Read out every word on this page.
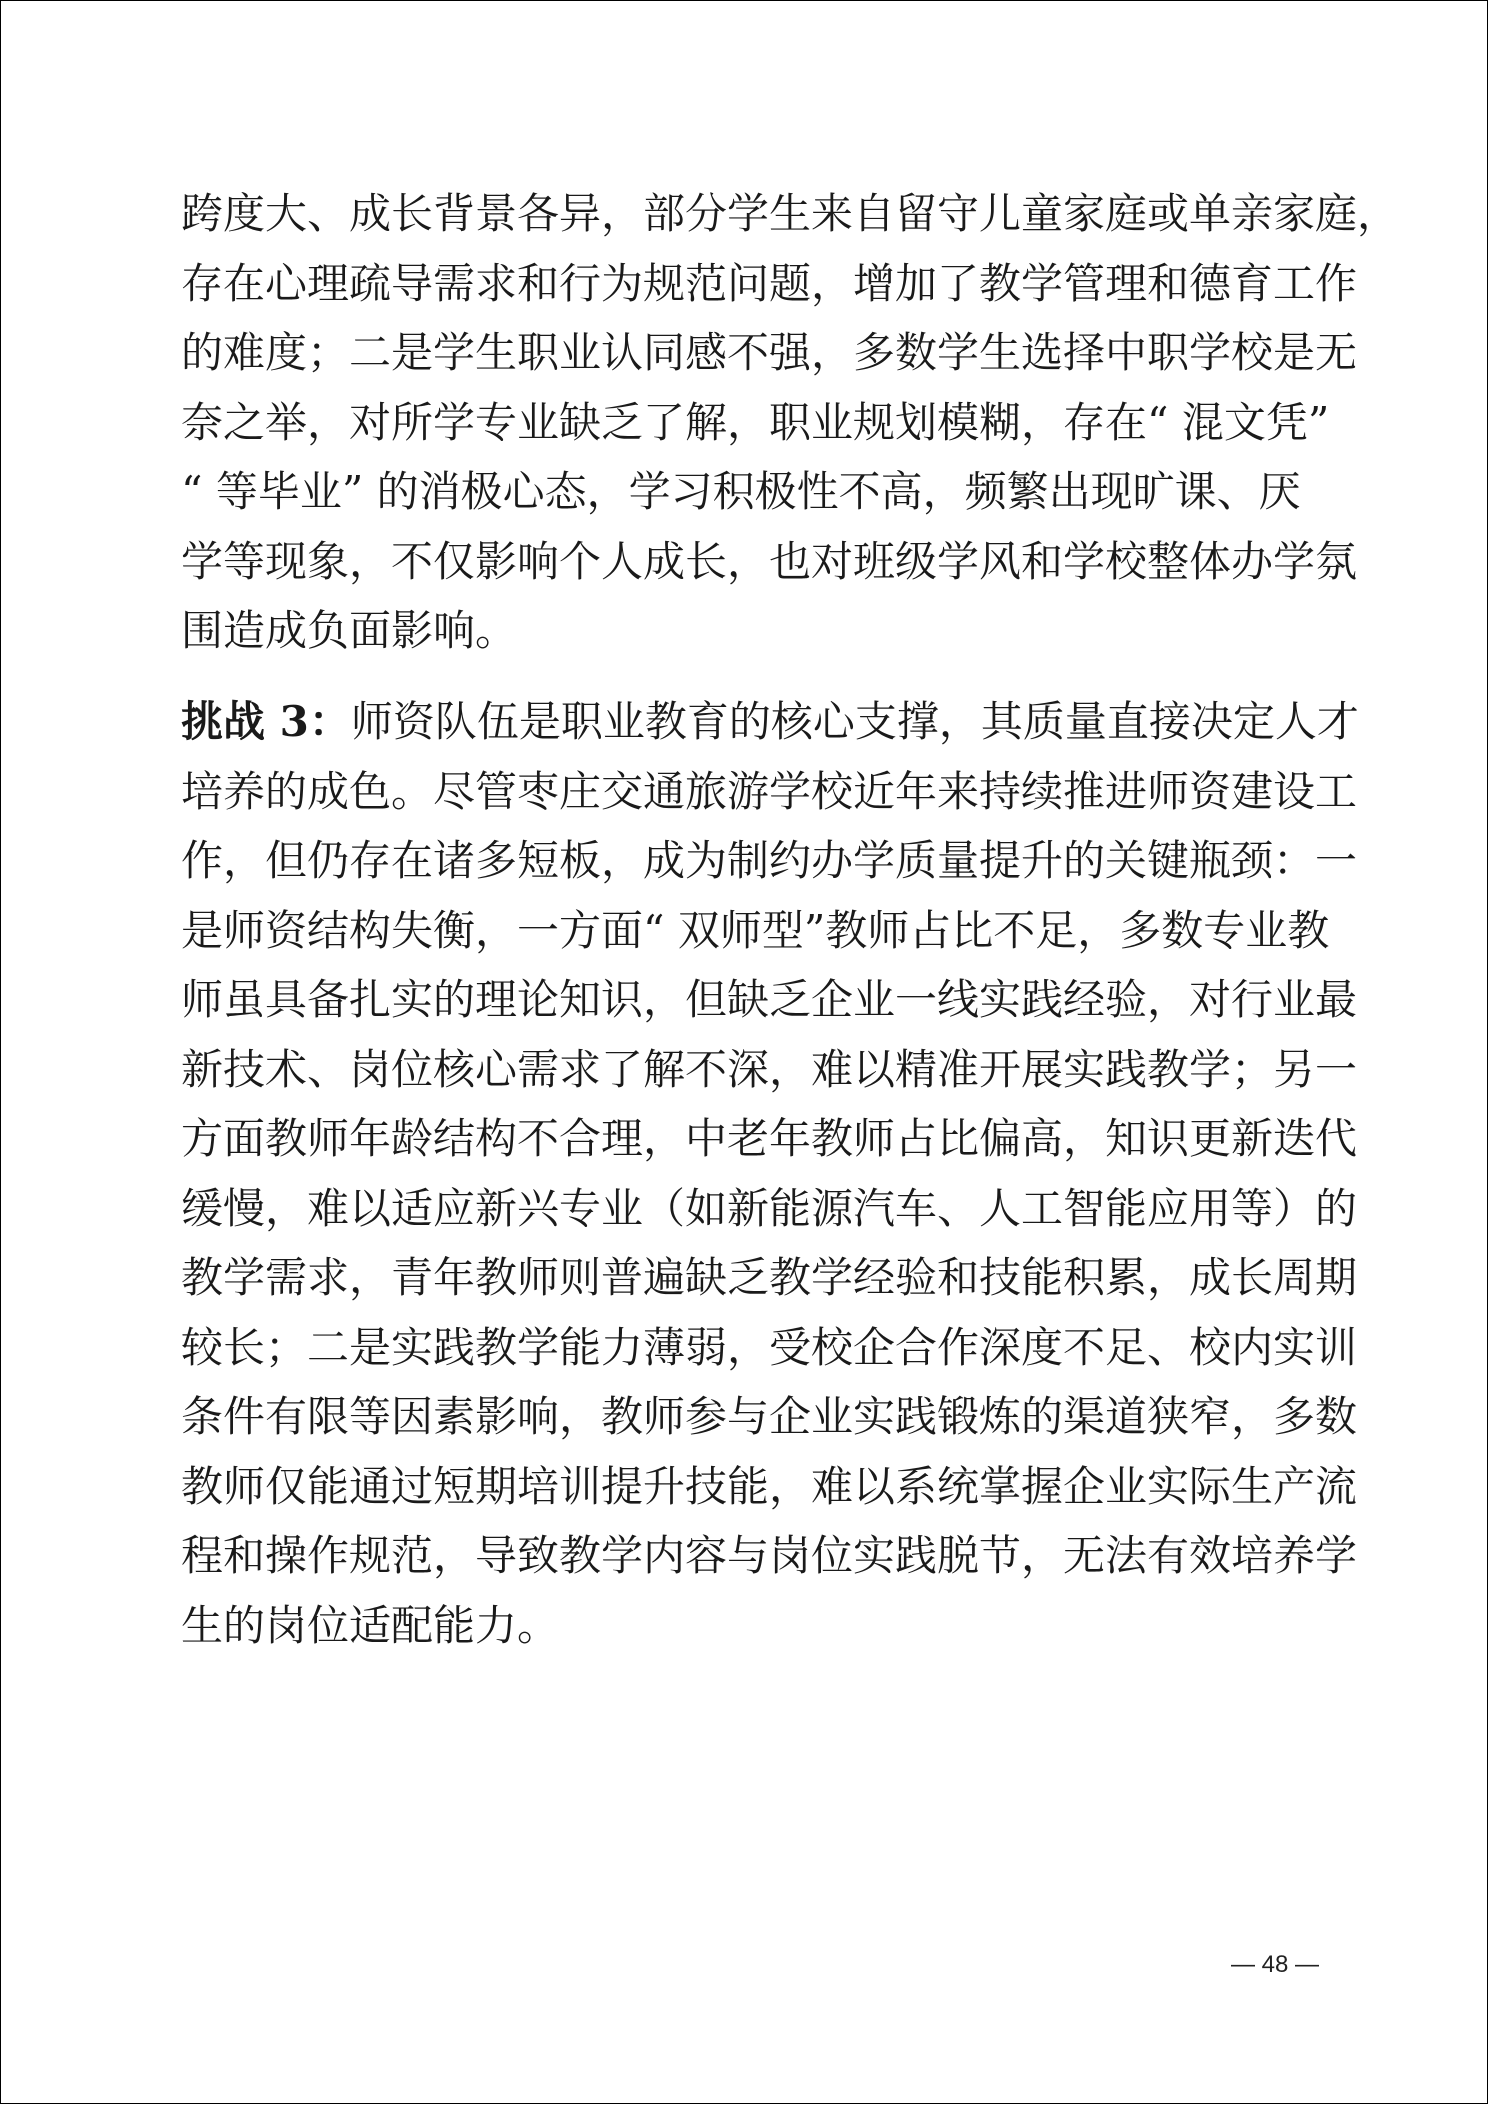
跨度大、成长背景各异，部分学生来自留守儿童家庭或单亲家庭，
存在心理疏导需求和行为规范问题，增加了教学管理和德育工作
的难度；二是学生职业认同感不强，多数学生选择中职学校是无
奈之举，对所学专业缺乏了解，职业规划模糊，存在“ 混文凭”
“ 等毕业” 的消极心态，学习积极性不高，频繁出现旷课、厌
学等现象，不仅影响个人成长，也对班级学风和学校整体办学氛
围造成负面影响。

挑战 3：师资队伍是职业教育的核心支撑，其质量直接决定人才
培养的成色。尽管枣庄交通旅游学校近年来持续推进师资建设工
作，但仍存在诸多短板，成为制约办学质量提升的关键瓶颈：一
是师资结构失衡，一方面“ 双师型”教师占比不足，多数专业教
师虽具备扎实的理论知识，但缺乏企业一线实践经验，对行业最
新技术、岗位核心需求了解不深，难以精准开展实践教学；另一
方面教师年龄结构不合理，中老年教师占比偏高，知识更新迭代
缓慢，难以适应新兴专业（如新能源汽车、人工智能应用等）的
教学需求，青年教师则普遍缺乏教学经验和技能积累，成长周期
较长；二是实践教学能力薄弱，受校企合作深度不足、校内实训
条件有限等因素影响，教师参与企业实践锻炼的渠道狭窄，多数
教师仅能通过短期培训提升技能，难以系统掌握企业实际生产流
程和操作规范，导致教学内容与岗位实践脱节，无法有效培养学
生的岗位适配能力。

— 48 —
